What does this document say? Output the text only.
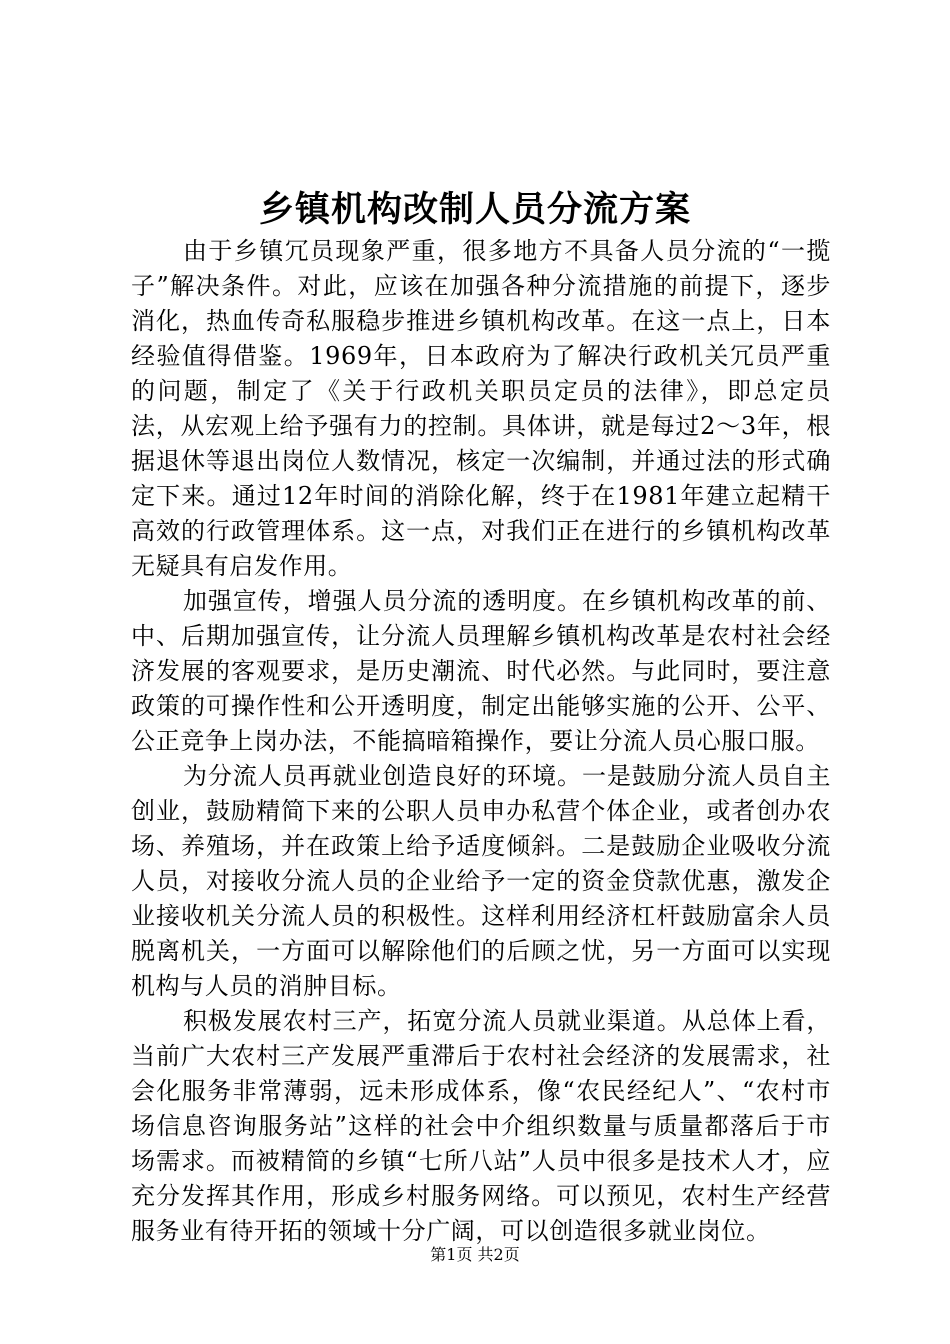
乡镇机构改制人员分流方案

由于乡镇冗员现象严重，很多地方不具备人员分流的“一揽子”解决条件。对此，应该在加强各种分流措施的前提下，逐步消化，热血传奇私服稳步推进乡镇机构改革。在这一点上，日本经验值得借鉴。1969年，日本政府为了解决行政机关冗员严重的问题，制定了《关于行政机关职员定员的法律》，即总定员法，从宏观上给予强有力的控制。具体讲，就是每过2～3年，根据退休等退出岗位人数情况，核定一次编制，并通过法的形式确定下来。通过12年时间的消除化解，终于在1981年建立起精干高效的行政管理体系。这一点，对我们正在进行的乡镇机构改革无疑具有启发作用。

加强宣传，增强人员分流的透明度。在乡镇机构改革的前、中、后期加强宣传，让分流人员理解乡镇机构改革是农村社会经济发展的客观要求，是历史潮流、时代必然。与此同时，要注意政策的可操作性和公开透明度，制定出能够实施的公开、公平、公正竞争上岗办法，不能搞暗箱操作，要让分流人员心服口服。

为分流人员再就业创造良好的环境。一是鼓励分流人员自主创业，鼓励精简下来的公职人员申办私营个体企业，或者创办农场、养殖场，并在政策上给予适度倾斜。二是鼓励企业吸收分流人员，对接收分流人员的企业给予一定的资金贷款优惠，激发企业接收机关分流人员的积极性。这样利用经济杠杆鼓励富余人员脱离机关，一方面可以解除他们的后顾之忧，另一方面可以实现机构与人员的消肿目标。

积极发展农村三产，拓宽分流人员就业渠道。从总体上看，当前广大农村三产发展严重滞后于农村社会经济的发展需求，社会化服务非常薄弱，远未形成体系，像“农民经纪人”、“农村市场信息咨询服务站”这样的社会中介组织数量与质量都落后于市场需求。而被精简的乡镇“七所八站”人员中很多是技术人才，应充分发挥其作用，形成乡村服务网络。可以预见，农村生产经营服务业有待开拓的领域十分广阔，可以创造很多就业岗位。

第1页 共2页
